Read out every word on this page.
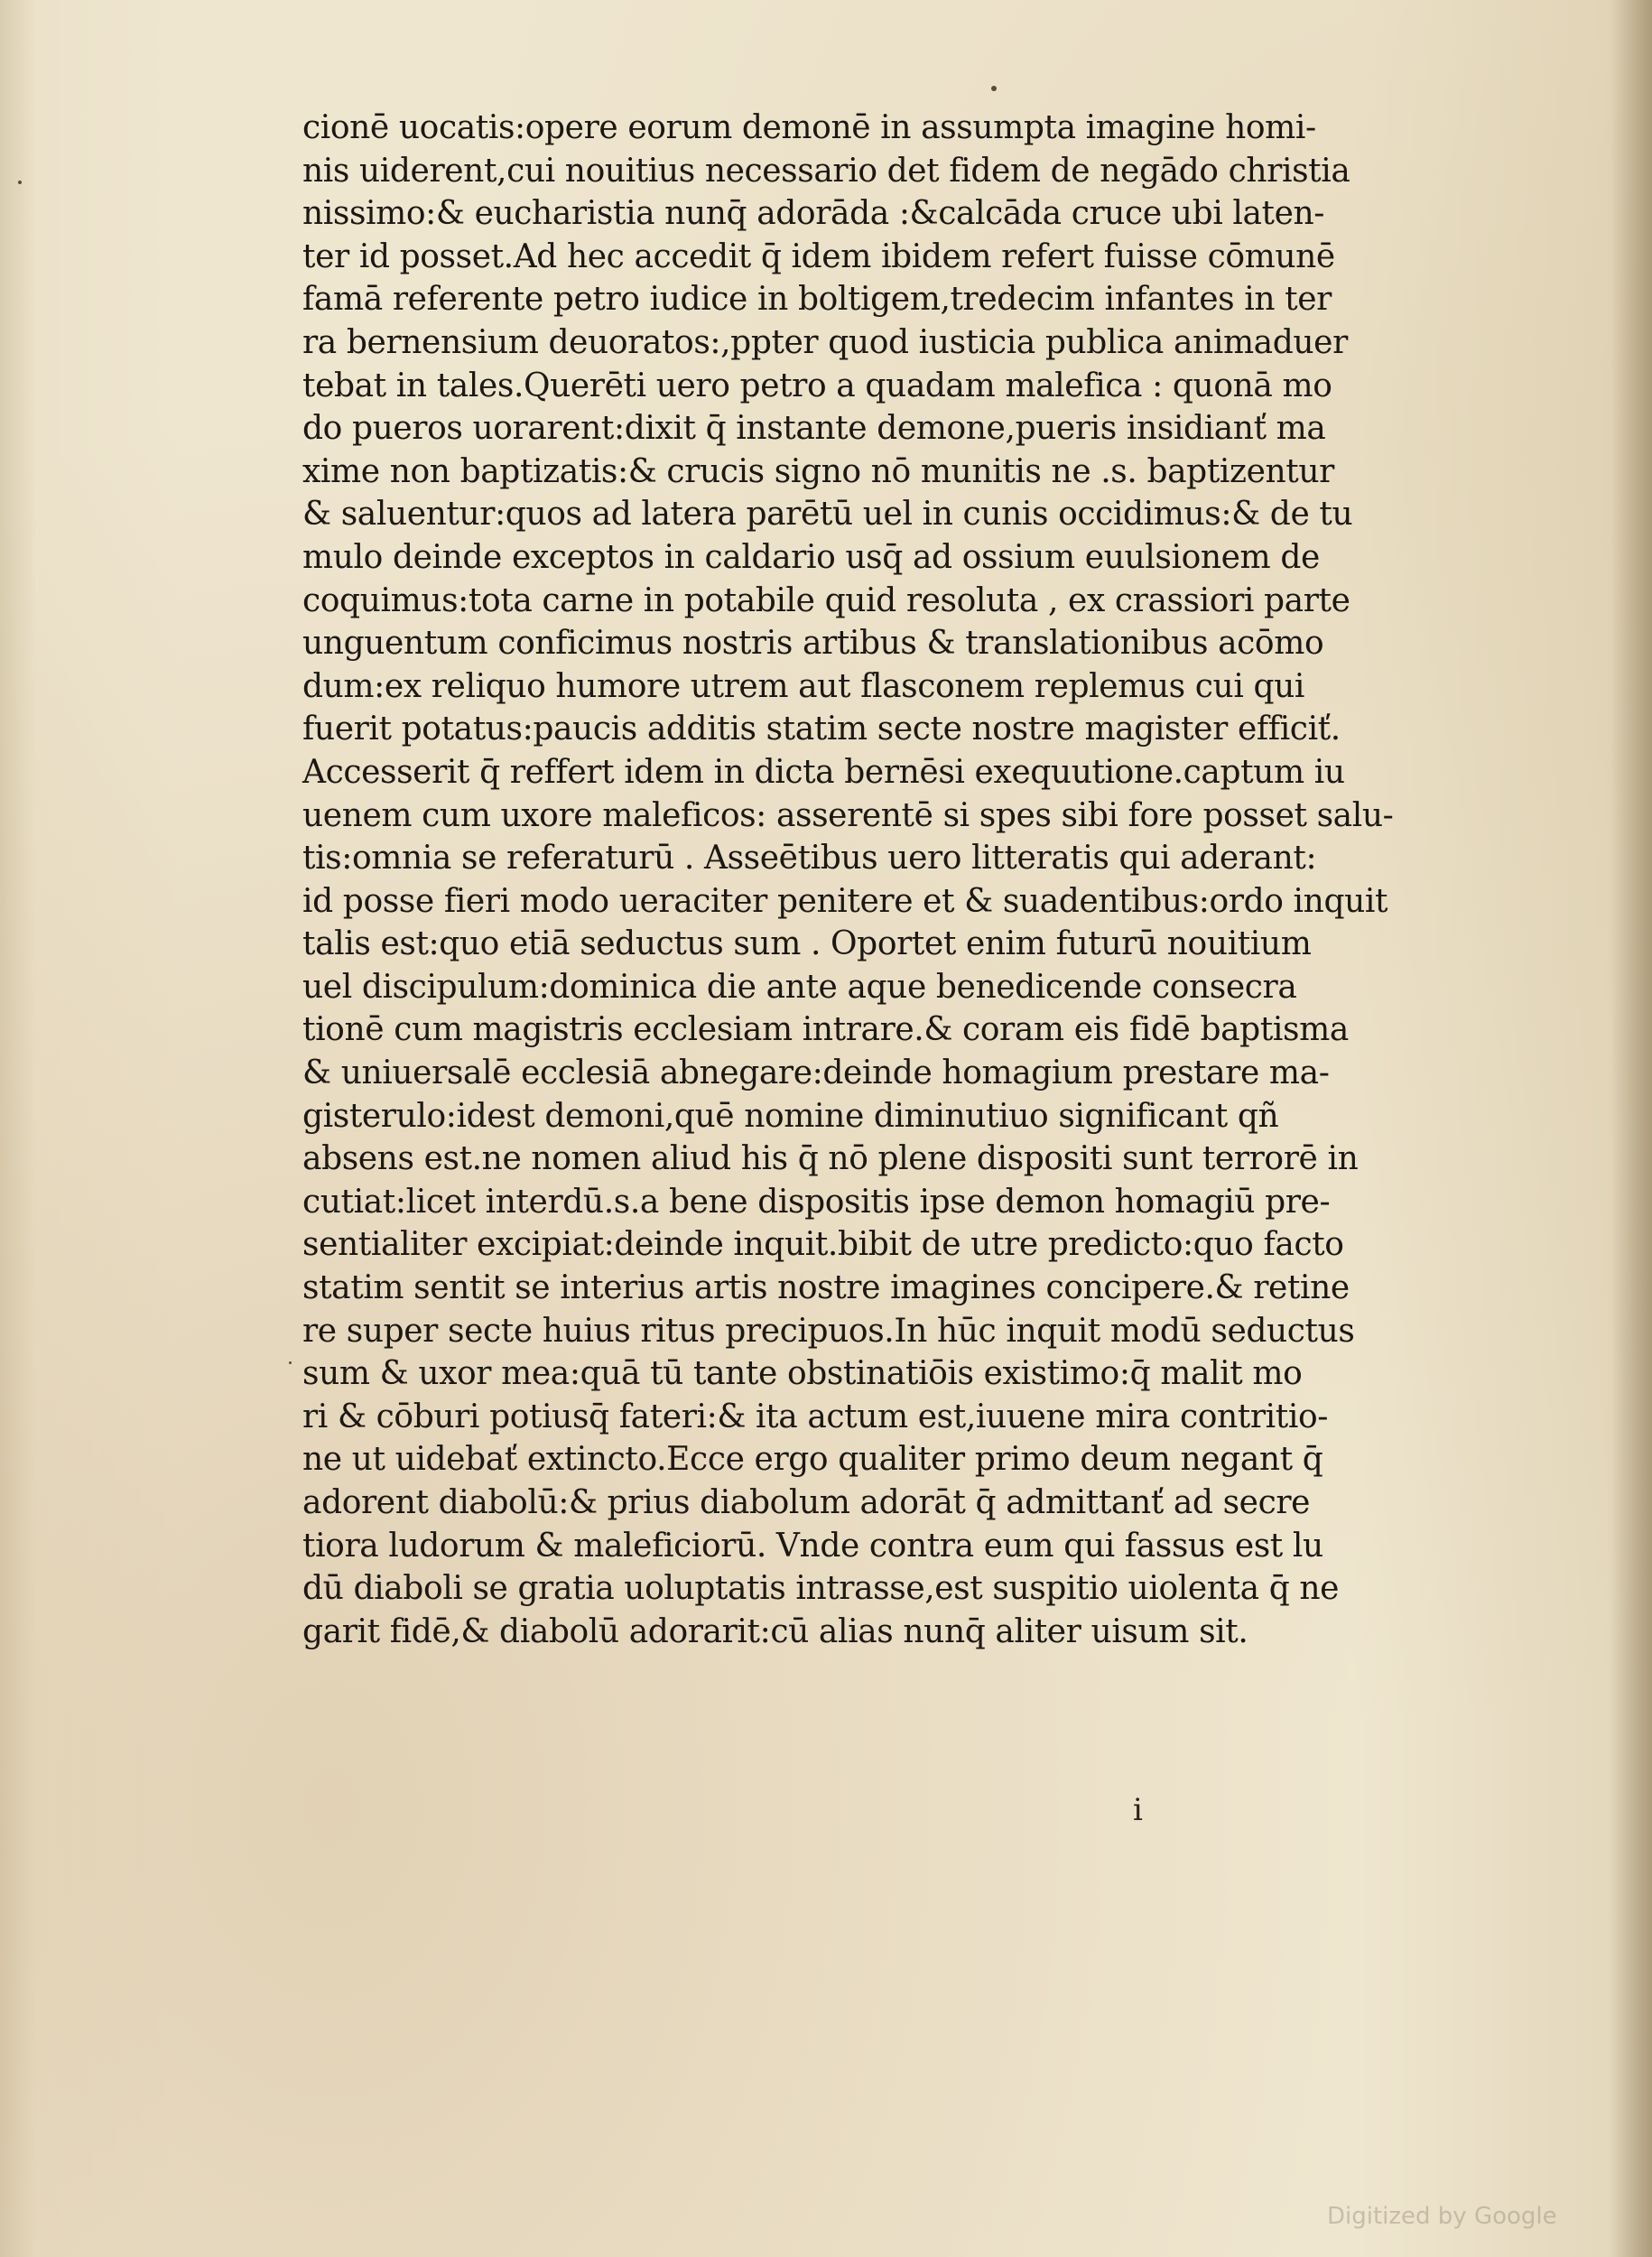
cionē uocatis:opere eorum demonē in assumpta imagine homi-
nis uiderent,cui nouitius necessario det fidem de negādo christia
nissimo:& eucharistia nunq̄ adorāda :&calcāda cruce ubi laten-
ter id posset.Ad hec accedit q̄ idem ibidem refert fuisse cōmunē
famā referente petro iudice in boltigem,tredecim infantes in ter
ra bernensium deuoratos:,ppter quod iusticia publica animaduer
tebat in tales.Querēti uero petro a quadam malefica : quonā mo
do pueros uorarent:dixit q̄ instante demone,pueris insidianť ma
xime non baptizatis:& crucis signo nō munitis ne .s. baptizentur
& saluentur:quos ad latera parētū uel in cunis occidimus:& de tu
mulo deinde exceptos in caldario usq̄ ad ossium euulsionem de
coquimus:tota carne in potabile quid resoluta , ex crassiori parte
unguentum conficimus nostris artibus & translationibus acōmo
dum:ex reliquo humore utrem aut flasconem replemus cui qui
fuerit potatus:paucis additis statim secte nostre magister efficiť.
Accesserit q̄ reffert idem in dicta bernēsi exequutione.captum iu
uenem cum uxore maleficos: asserentē si spes sibi fore posset salu-
tis:omnia se referaturū . Asseētibus uero litteratis qui aderant:
id posse fieri modo ueraciter penitere et & suadentibus:ordo inquit
talis est:quo etiā seductus sum . Oportet enim futurū nouitium
uel discipulum:dominica die ante aque benedicende consecra
tionē cum magistris ecclesiam intrare.& coram eis fidē baptisma
& uniuersalē ecclesiā abnegare:deinde homagium prestare ma-
gisterulo:idest demoni,quē nomine diminutiuo significant qñ
absens est.ne nomen aliud his q̄ nō plene dispositi sunt terrorē in
cutiat:licet interdū.s.a bene dispositis ipse demon homagiū pre-
sentialiter excipiat:deinde inquit.bibit de utre predicto:quo facto
statim sentit se interius artis nostre imagines concipere.& retine
re super secte huius ritus precipuos.In hūc inquit modū seductus
sum & uxor mea:quā tū tante obstinatiōis existimo:q̄ malit mo
ri & cōburi potiusq̄ fateri:& ita actum est,iuuene mira contritio-
ne ut uidebať extincto.Ecce ergo qualiter primo deum negant q̄
adorent diabolū:& prius diabolum adorāt q̄ admittanť ad secre
tiora ludorum & maleficiorū. Vnde contra eum qui fassus est lu
dū diaboli se gratia uoluptatis intrasse,est suspitio uiolenta q̄ ne
garit fidē,& diabolū adorarit:cū alias nunq̄ aliter uisum sit.
i
Digitized by Google
